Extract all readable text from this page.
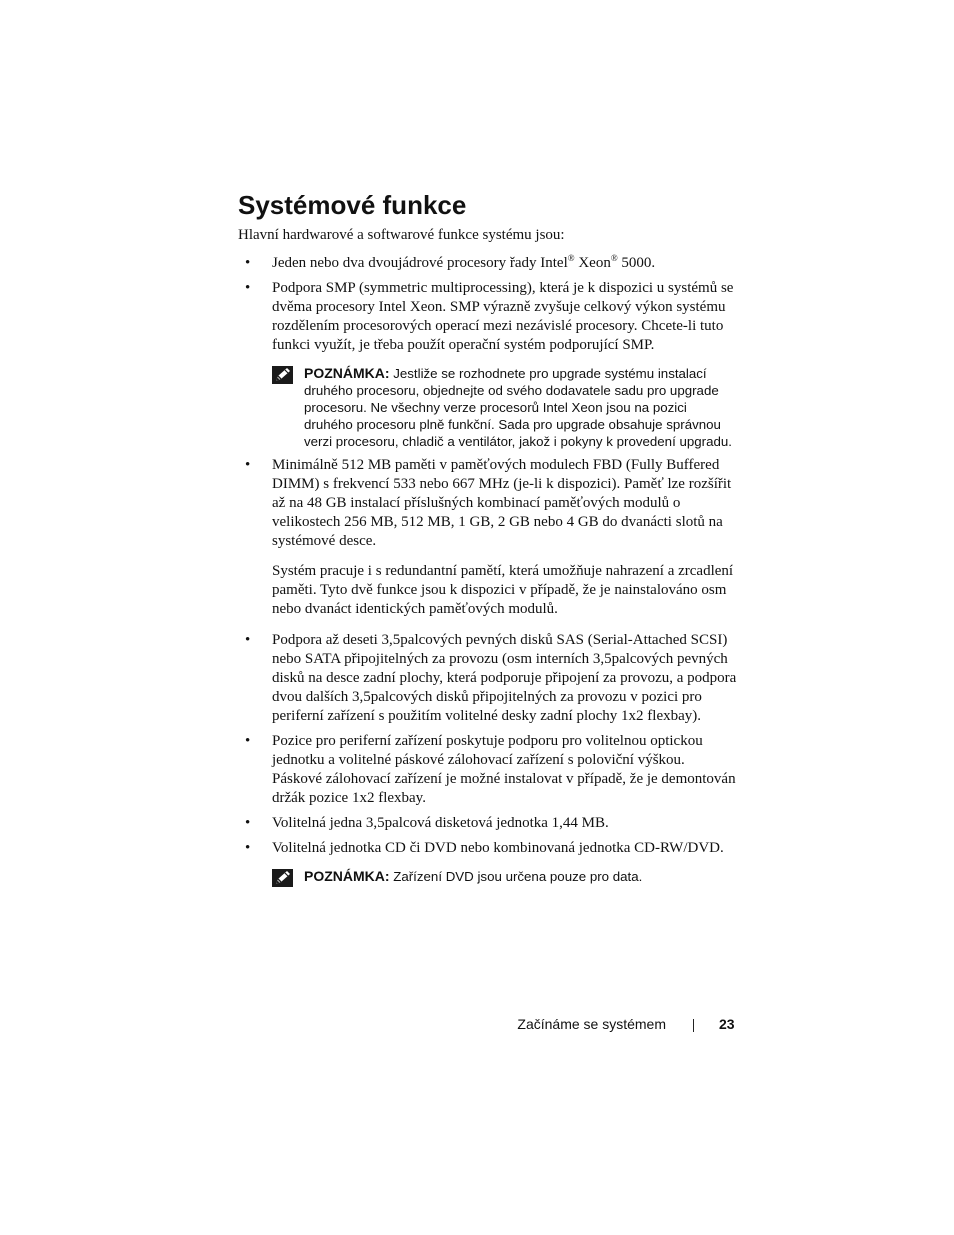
Systémové funkce

Hlavní hardwarové a softwarové funkce systému jsou:

• Jeden nebo dva dvoujádrové procesory řady Intel® Xeon® 5000.

• Podpora SMP (symmetric multiprocessing), která je k dispozici u systémů se dvěma procesory Intel Xeon. SMP výrazně zvyšuje celkový výkon systému rozdělením procesorových operací mezi nezávislé procesory. Chcete-li tuto funkci využít, je třeba použít operační systém podporující SMP.

POZNÁMKA: Jestliže se rozhodnete pro upgrade systému instalací druhého procesoru, objednejte od svého dodavatele sadu pro upgrade procesoru. Ne všechny verze procesorů Intel Xeon jsou na pozici druhého procesoru plně funkční. Sada pro upgrade obsahuje správnou verzi procesoru, chladič a ventilátor, jakož i pokyny k provedení upgradu.
• Minimálně 512 MB paměti v paměťových modulech FBD (Fully Buffered DIMM) s frekvencí 533 nebo 667 MHz (je-li k dispozici). Paměť lze rozšířit až na 48 GB instalací příslušných kombinací paměťových modulů o velikostech 256 MB, 512 MB, 1 GB, 2 GB nebo 4 GB do dvanácti slotů na systémové desce.

Systém pracuje i s redundantní pamětí, která umožňuje nahrazení a zrcadlení paměti. Tyto dvě funkce jsou k dispozici v případě, že je nainstalováno osm nebo dvanáct identických paměťových modulů.

• Podpora až deseti 3,5palcových pevných disků SAS (Serial-Attached SCSI) nebo SATA připojitelných za provozu (osm interních 3,5palcových pevných disků na desce zadní plochy, která podporuje připojení za provozu, a podpora dvou dalších 3,5palcových disků připojitelných za provozu v pozici pro periferní zařízení s použitím volitelné desky zadní plochy 1x2 flexbay).

• Pozice pro periferní zařízení poskytuje podporu pro volitelnou optickou jednotku a volitelné páskové zálohovací zařízení s poloviční výškou. Páskové zálohovací zařízení je možné instalovat v případě, že je demontován držák pozice 1x2 flexbay.

• Volitelná jedna 3,5palcová disketová jednotka 1,44 MB.

• Volitelná jednotka CD či DVD nebo kombinovaná jednotka CD-RW/DVD.

POZNÁMKA: Zařízení DVD jsou určena pouze pro data.
Začínáme se systémem	23
